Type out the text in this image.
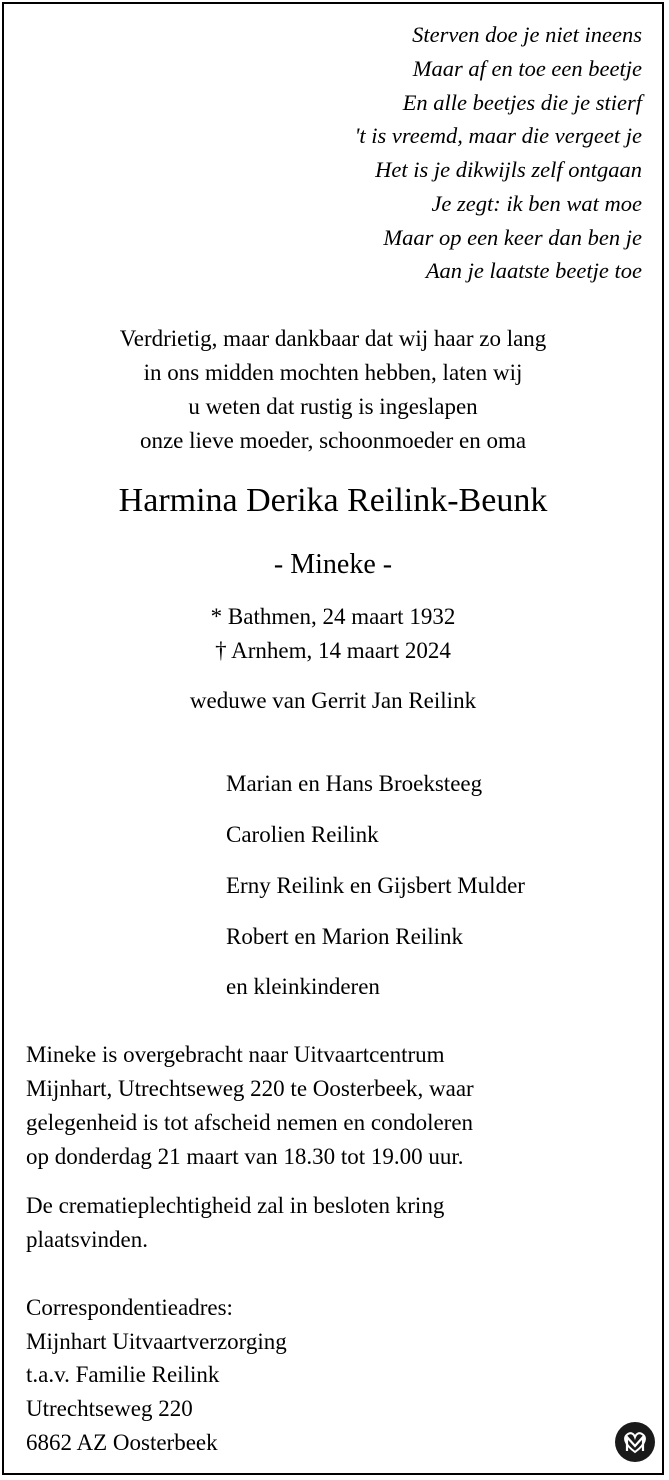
Sterven doe je niet ineens
Maar af en toe een beetje
En alle beetjes die je stierf
't is vreemd, maar die vergeet je
Het is je dikwijls zelf ontgaan
Je zegt: ik ben wat moe
Maar op een keer dan ben je
Aan je laatste beetje toe
Verdrietig, maar dankbaar dat wij haar zo lang
in ons midden mochten hebben, laten wij
u weten dat rustig is ingeslapen
onze lieve moeder, schoonmoeder en oma
Harmina Derika Reilink-Beunk
- Mineke -
* Bathmen, 24 maart 1932
† Arnhem, 14 maart 2024
weduwe van Gerrit Jan Reilink
Marian en Hans Broeksteeg
Carolien Reilink
Erny Reilink en Gijsbert Mulder
Robert en Marion Reilink
en kleinkinderen
Mineke is overgebracht naar Uitvaartcentrum
Mijnhart, Utrechtseweg 220 te Oosterbeek, waar
gelegenheid is tot afscheid nemen en condoleren
op donderdag 21 maart van 18.30 tot 19.00 uur.
De crematieplechtigheid zal in besloten kring
plaatsvinden.
Correspondentieadres:
Mijnhart Uitvaartverzorging
t.a.v. Familie Reilink
Utrechtseweg 220
6862 AZ Oosterbeek
